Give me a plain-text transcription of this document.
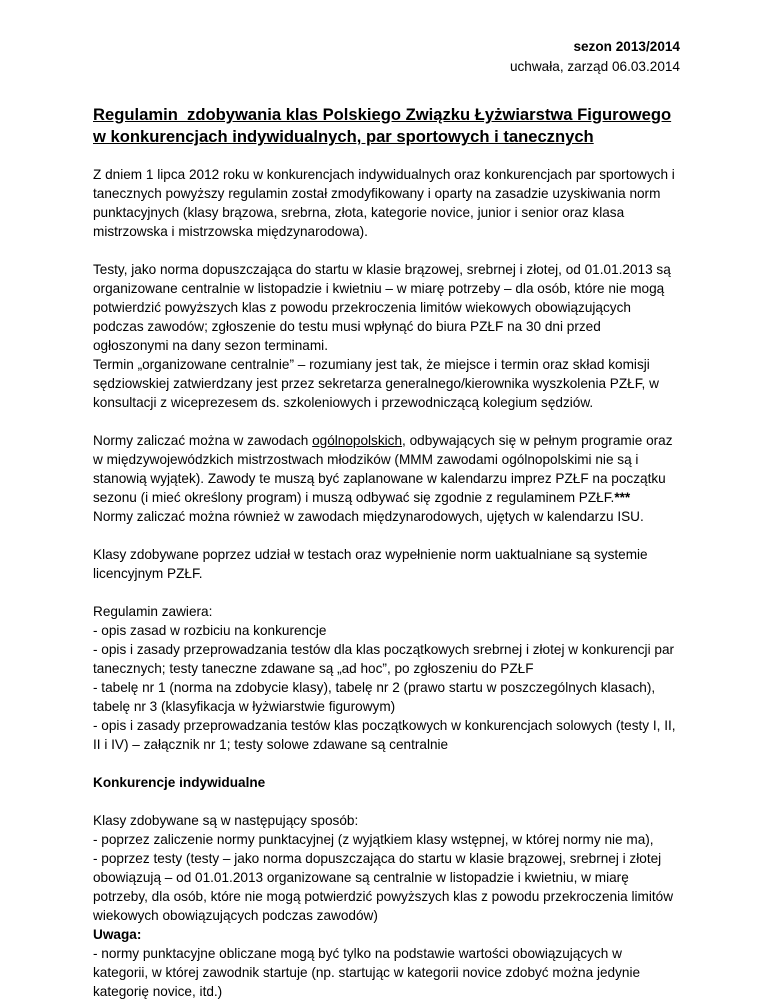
sezon 2013/2014
uchwała, zarząd 06.03.2014
Regulamin  zdobywania klas Polskiego Związku Łyżwiarstwa Figurowego
w konkurencjach indywidualnych, par sportowych i tanecznych

Z dniem 1 lipca 2012 roku w konkurencjach indywidualnych oraz konkurencjach par sportowych i tanecznych powyższy regulamin został zmodyfikowany i oparty na zasadzie uzyskiwania norm punktacyjnych (klasy brązowa, srebrna, złota, kategorie novice, junior i senior oraz klasa mistrzowska i mistrzowska międzynarodowa).

Testy, jako norma dopuszczająca do startu w klasie brązowej, srebrnej i złotej, od 01.01.2013 są organizowane centralnie w listopadzie i kwietniu – w miarę potrzeby – dla osób, które nie mogą potwierdzić powyższych klas z powodu przekroczenia limitów wiekowych obowiązujących podczas zawodów; zgłoszenie do testu musi wpłynąć do biura PZŁF na 30 dni przed ogłoszonymi na dany sezon terminami.
Termin „organizowane centralnie” – rozumiany jest tak, że miejsce i termin oraz skład komisji sędziowskiej zatwierdzany jest przez sekretarza generalnego/kierownika wyszkolenia PZŁF, w konsultacji z wiceprezesem ds. szkoleniowych i przewodniczącą kolegium sędziów.

Normy zaliczać można w zawodach ogólnopolskich, odbywających się w pełnym programie oraz w międzywojewódzkich mistrzostwach młodzików (MMM zawodami ogólnopolskimi nie są i stanowią wyjątek). Zawody te muszą być zaplanowane w kalendarzu imprez PZŁF na początku sezonu (i mieć określony program) i muszą odbywać się zgodnie z regulaminem PZŁF.***
Normy zaliczać można również w zawodach międzynarodowych, ujętych w kalendarzu ISU.

Klasy zdobywane poprzez udział w testach oraz wypełnienie norm uaktualniane są systemie licencyjnym PZŁF.

Regulamin zawiera:
- opis zasad w rozbiciu na konkurencje
- opis i zasady przeprowadzania testów dla klas początkowych srebrnej i złotej w konkurencji par tanecznych; testy taneczne zdawane są „ad hoc”, po zgłoszeniu do PZŁF
- tabelę nr 1 (norma na zdobycie klasy), tabelę nr 2 (prawo startu w poszczególnych klasach), tabelę nr 3 (klasyfikacja w łyżwiarstwie figurowym)
- opis i zasady przeprowadzania testów klas początkowych w konkurencjach solowych (testy I, II, II i IV) – załącznik nr 1; testy solowe zdawane są centralnie

Konkurencje indywidualne
Klasy zdobywane są w następujący sposób:
- poprzez zaliczenie normy punktacyjnej (z wyjątkiem klasy wstępnej, w której normy nie ma),
- poprzez testy (testy – jako norma dopuszczająca do startu w klasie brązowej, srebrnej i złotej obowiązują – od 01.01.2013 organizowane są centralnie w listopadzie i kwietniu, w miarę potrzeby, dla osób, które nie mogą potwierdzić powyższych klas z powodu przekroczenia limitów wiekowych obowiązujących podczas zawodów)
Uwaga:
- normy punktacyjne obliczane mogą być tylko na podstawie wartości obowiązujących w kategorii, w której zawodnik startuje (np. startując w kategorii novice zdobyć można jedynie kategorię novice, itd.)
